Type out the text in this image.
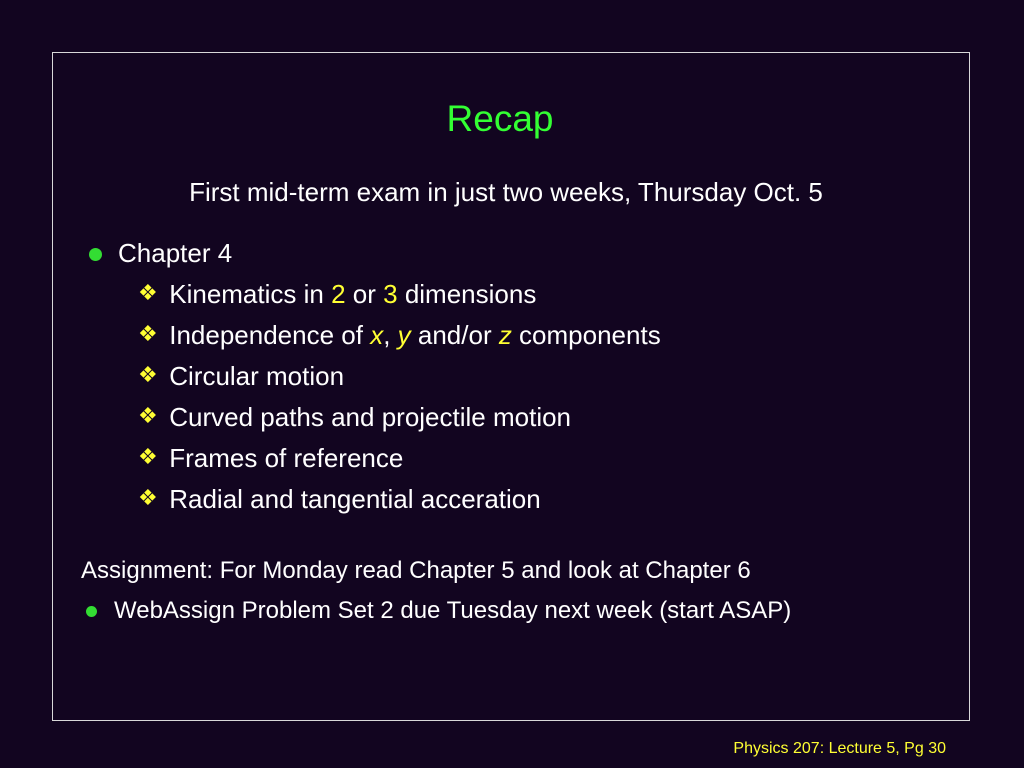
Recap
First mid-term exam in just two weeks, Thursday Oct. 5
Chapter 4
❖ Kinematics in 2 or 3 dimensions
❖ Independence of x, y and/or z components
❖ Circular motion
❖ Curved paths and projectile motion
❖ Frames of reference
❖ Radial and tangential acceration
Assignment: For Monday read Chapter 5 and look at Chapter 6
WebAssign Problem Set 2 due Tuesday next week (start ASAP)
Physics 207: Lecture 5, Pg 30
